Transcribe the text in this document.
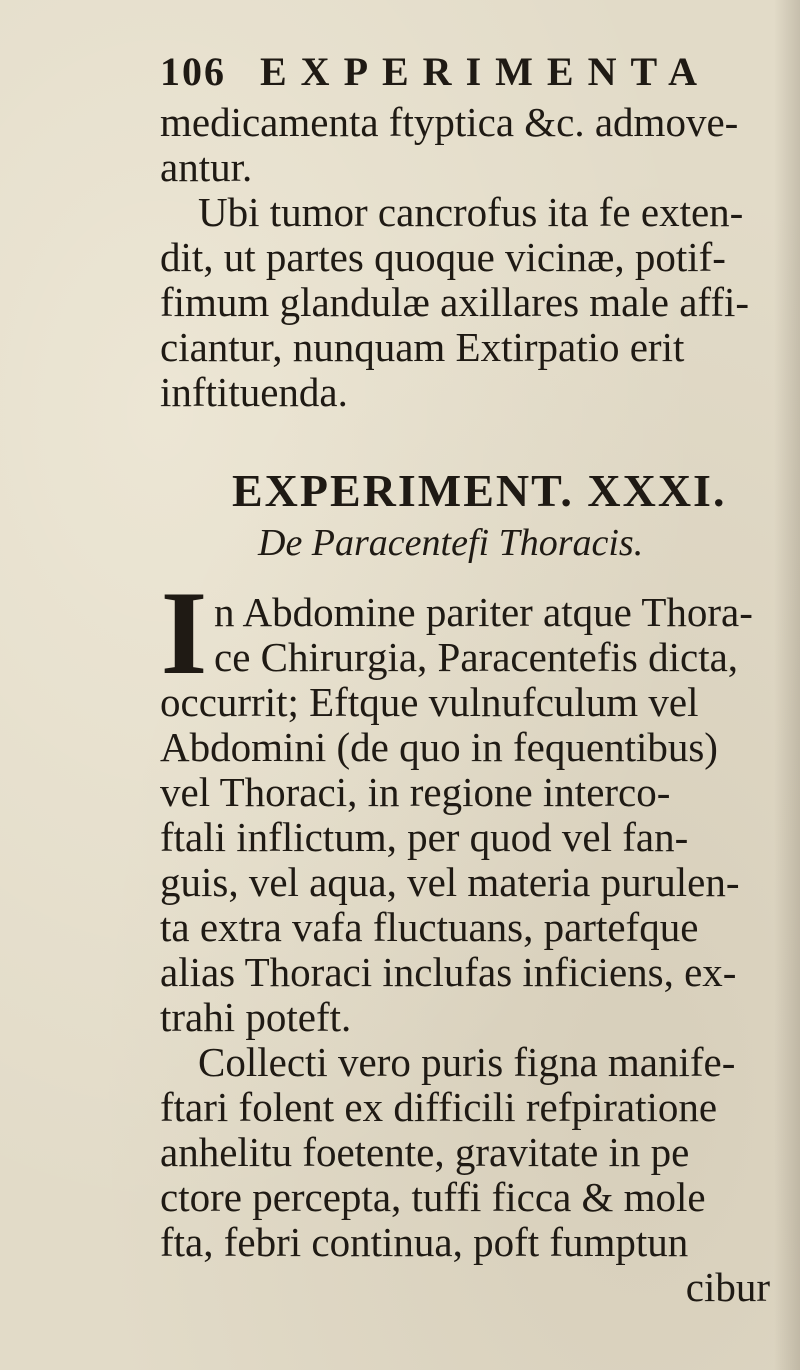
106 EXPERIMENTA
medicamenta ftyptica &c. admove-
antur.
Ubi tumor cancrofus ita fe exten-
dit, ut partes quoque vicinæ, potif-
fimum glandulæ axillares male affi-
ciantur, nunquam Extirpatio erit
inftituenda.
EXPERIMENT. XXXI.
De Paracentefi Thoracis.
I n Abdomine pariter atque Thora-
ce Chirurgia, Paracentefis dicta,
occurrit; Eftque vulnufculum vel
Abdomini (de quo in fequentibus)
vel Thoraci, in regione interco-
ftali inflictum, per quod vel fan-
guis, vel aqua, vel materia purulen-
ta extra vafa fluctuans, partefque
alias Thoraci inclufas inficiens, ex-
trahi poteft.
Collecti vero puris figna manife-
ftari folent ex difficili refpiratione
anhelitu foetente, gravitate in pe
ctore percepta, tuffi ficca & mole
fta, febri continua, poft fumptun
cibur
